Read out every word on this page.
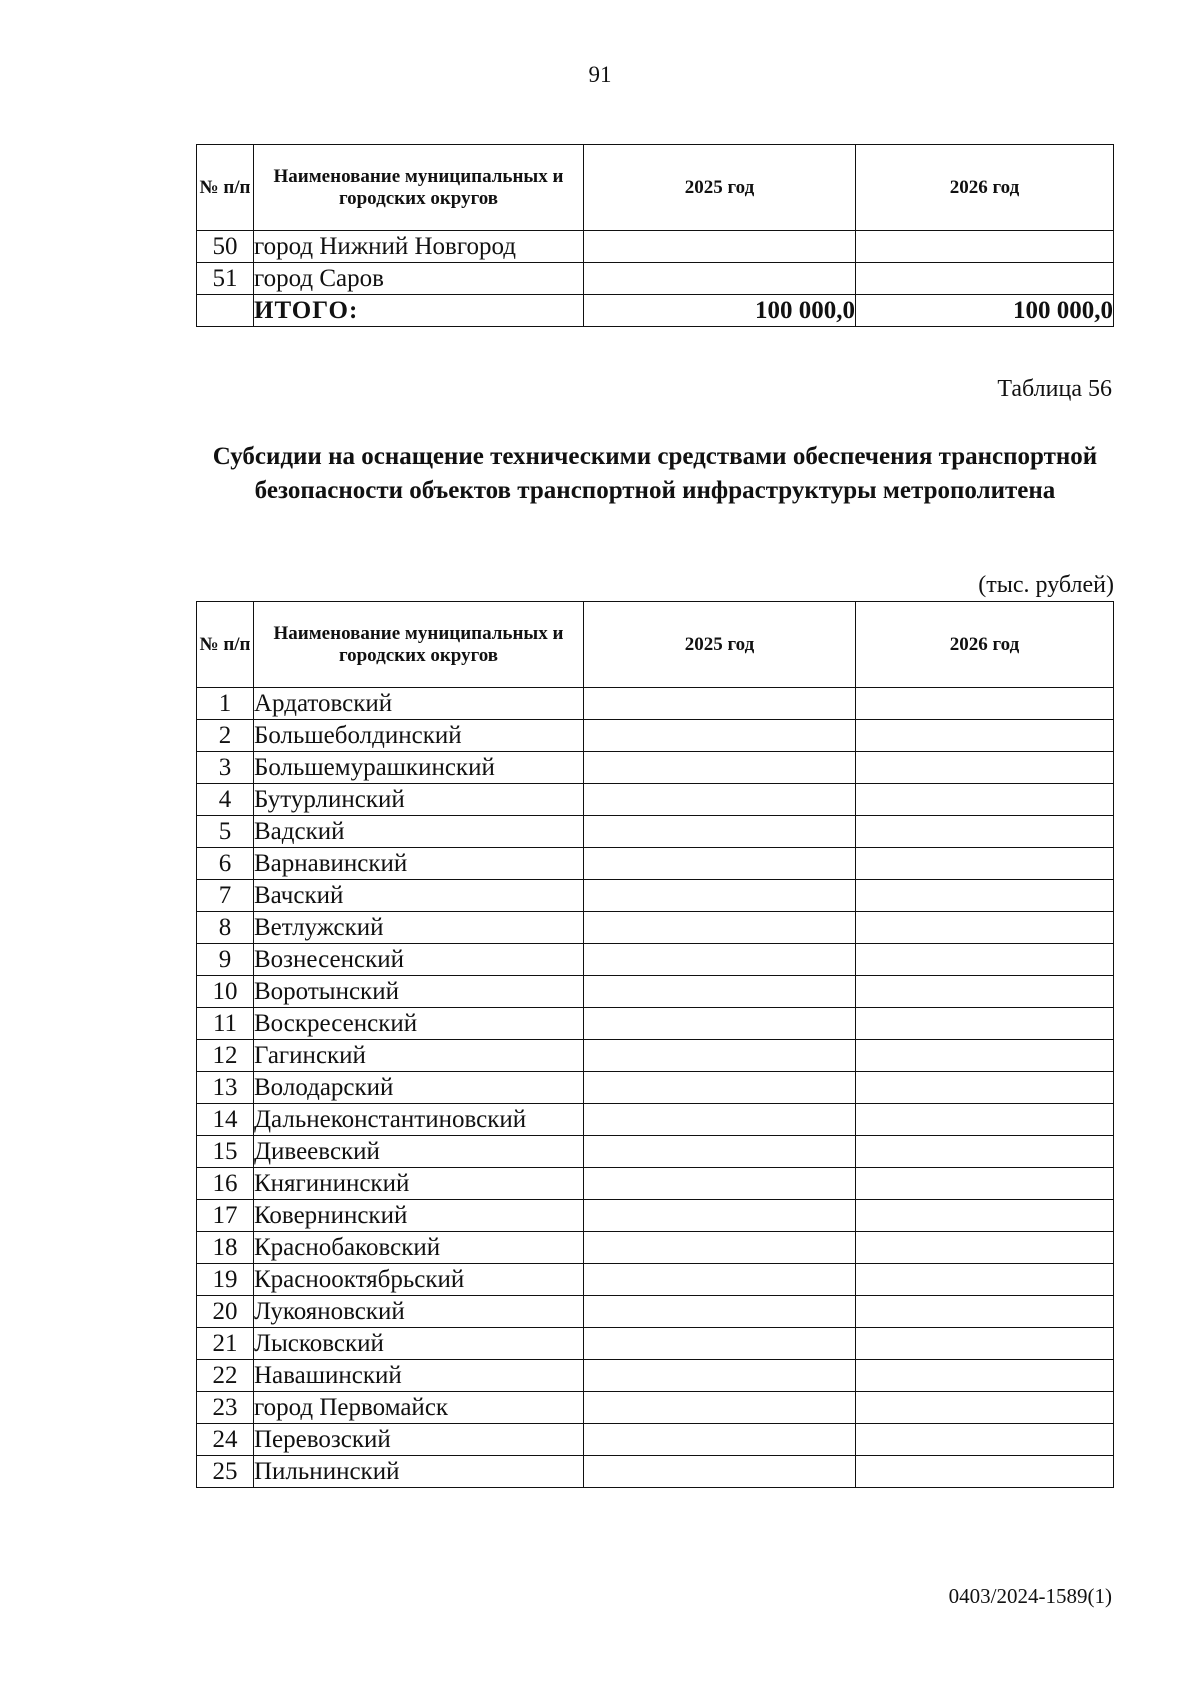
91
№ п/п	Наименование муниципальных и городских округов	2025 год	2026 год
50	город Нижний Новгород		
51	город Саров		
	ИТОГО:	100 000,0	100 000,0
Таблица 56
Субсидии на оснащение техническими средствами обеспечения транспортной безопасности объектов транспортной инфраструктуры метрополитена
(тыс. рублей)
№ п/п	Наименование муниципальных и городских округов	2025 год	2026 год
1	Ардатовский		
2	Большеболдинский		
3	Большемурашкинский		
4	Бутурлинский		
5	Вадский		
6	Варнавинский		
7	Вачский		
8	Ветлужский		
9	Вознесенский		
10	Воротынский		
11	Воскресенский		
12	Гагинский		
13	Володарский		
14	Дальнеконстантиновский		
15	Дивеевский		
16	Княгининский		
17	Ковернинский		
18	Краснобаковский		
19	Краснооктябрьский		
20	Лукояновский		
21	Лысковский		
22	Навашинский		
23	город Первомайск		
24	Перевозский		
25	Пильнинский		
0403/2024-1589(1)
